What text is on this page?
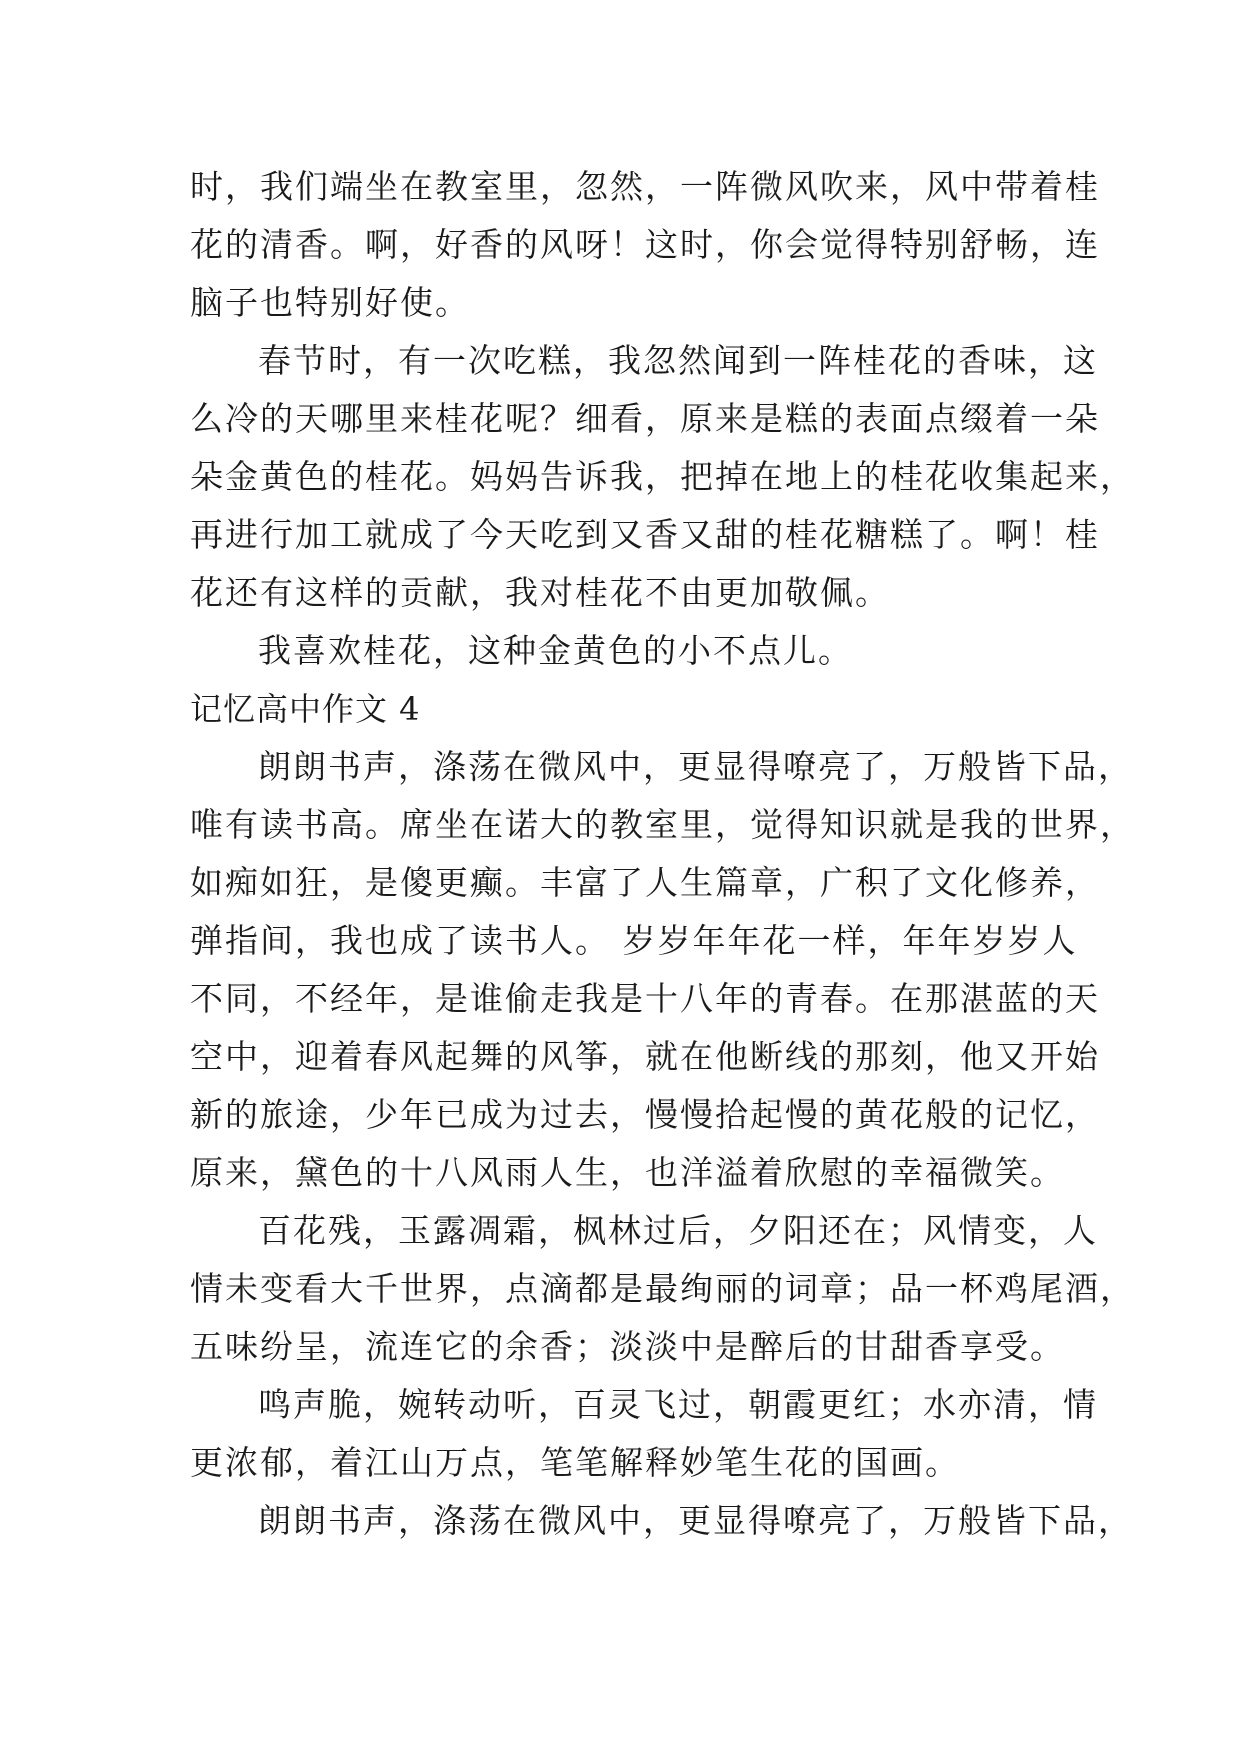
时，我们端坐在教室里，忽然，一阵微风吹来，风中带着桂
花的清香。啊，好香的风呀！这时，你会觉得特别舒畅，连
脑子也特别好使。
春节时，有一次吃糕，我忽然闻到一阵桂花的香味，这
么冷的天哪里来桂花呢？细看，原来是糕的表面点缀着一朵
朵金黄色的桂花。妈妈告诉我，把掉在地上的桂花收集起来，
再进行加工就成了今天吃到又香又甜的桂花糖糕了。啊！桂
花还有这样的贡献，我对桂花不由更加敬佩。
我喜欢桂花，这种金黄色的小不点儿。
记忆高中作文 4
朗朗书声，涤荡在微风中，更显得嘹亮了，万般皆下品，
唯有读书高。席坐在诺大的教室里，觉得知识就是我的世界，
如痴如狂，是傻更癫。丰富了人生篇章，广积了文化修养，
弹指间，我也成了读书人。 岁岁年年花一样，年年岁岁人
不同，不经年，是谁偷走我是十八年的青春。在那湛蓝的天
空中，迎着春风起舞的风筝，就在他断线的那刻，他又开始
新的旅途，少年已成为过去，慢慢拾起慢的黄花般的记忆，
原来，黛色的十八风雨人生，也洋溢着欣慰的幸福微笑。
百花残，玉露凋霜，枫林过后，夕阳还在；风情变，人
情未变看大千世界，点滴都是最绚丽的词章；品一杯鸡尾酒，
五味纷呈，流连它的余香；淡淡中是醉后的甘甜香享受。
鸣声脆，婉转动听，百灵飞过，朝霞更红；水亦清，情
更浓郁，着江山万点，笔笔解释妙笔生花的国画。
朗朗书声，涤荡在微风中，更显得嘹亮了，万般皆下品，
